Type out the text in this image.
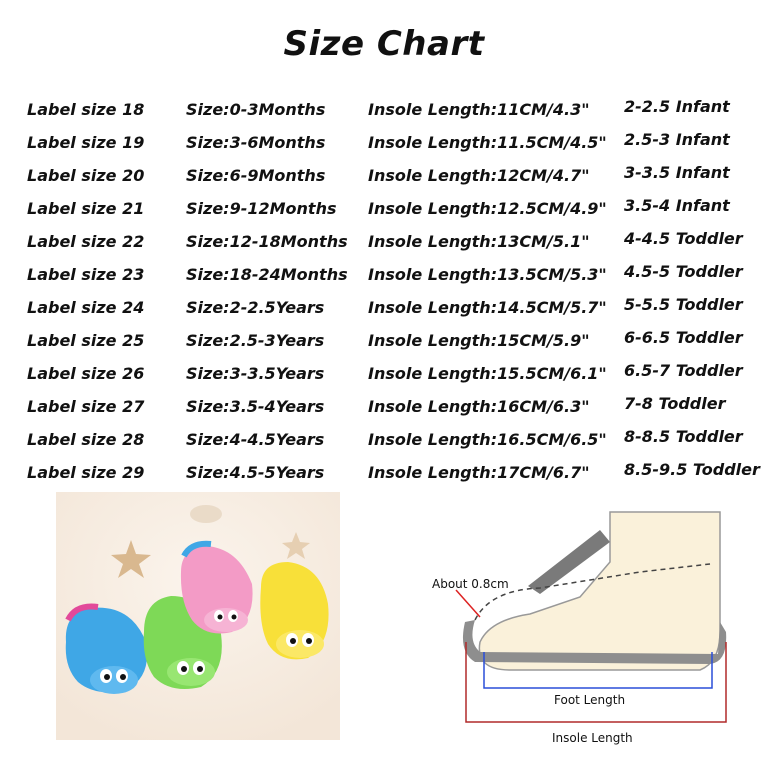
Size Chart
Label size 18	Size:0-3Months	Insole Length:11CM/4.3" 2-2.5 Infant
Label size 19	Size:3-6Months	Insole Length:11.5CM/4.5" 2.5-3 Infant
Label size 20	Size:6-9Months	Insole Length:12CM/4.7" 3-3.5 Infant
Label size 21	Size:9-12Months Insole Length:12.5CM/4.9" 3.5-4 Infant
Label size 22	Size:12-18Months Insole Length:13CM/5.1" 4-4.5 Toddler
Label size 23	Size:18-24Months Insole Length:13.5CM/5.3" 4.5-5 Toddler
Label size 24	Size:2-2.5Years	Insole Length:14.5CM/5.7" 5-5.5 Toddler
Label size 25	Size:2.5-3Years	Insole Length:15CM/5.9" 6-6.5 Toddler
Label size 26	Size:3-3.5Years	Insole Length:15.5CM/6.1" 6.5-7 Toddler
Label size 27	Size:3.5-4Years	Insole Length:16CM/6.3" 7-8 Toddler
Label size 28	Size:4-4.5Years	Insole Length:16.5CM/6.5" 8-8.5 Toddler
Label size 29	Size:4.5-5Years	Insole Length:17CM/6.7" 8.5-9.5 Toddler
About 0.8cm
Foot Length
Insole Length
